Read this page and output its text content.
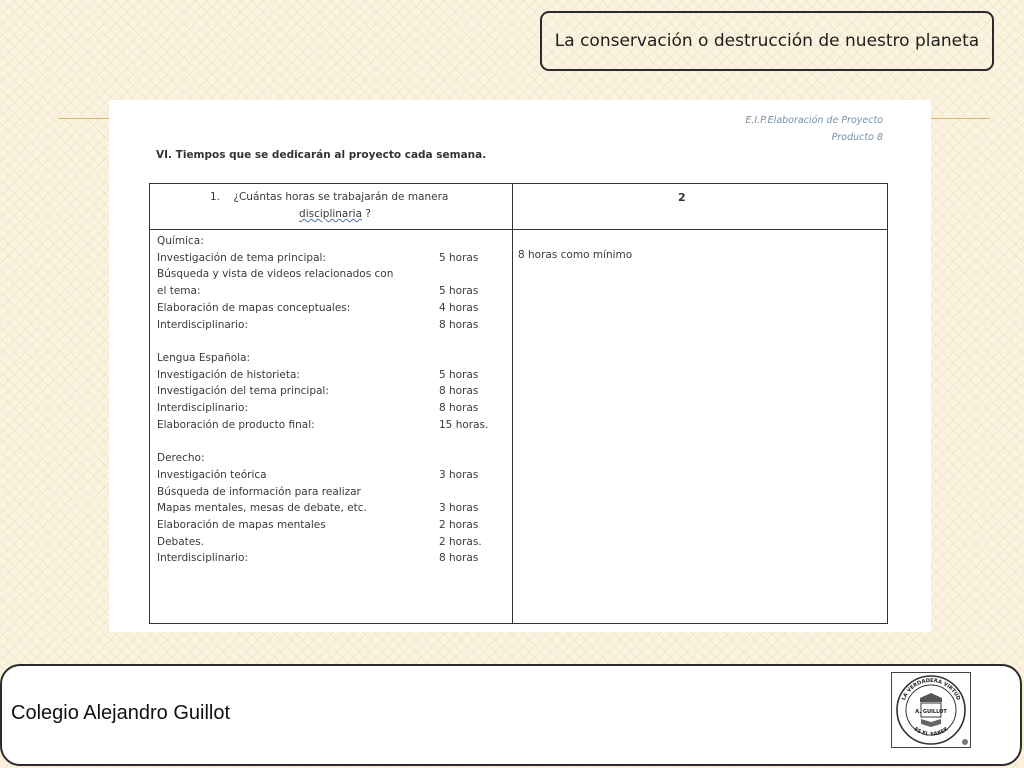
La conservación o destrucción de nuestro planeta
E.I.P.Elaboración de Proyecto
Producto 8
VI. Tiempos que se dedicarán al proyecto cada semana.
1. ¿Cuántas horas se trabajarán de manera
disciplinaria ?
2
Química:
Investigación de tema principal:	5 horas
Búsqueda y vista de videos relacionados con
el tema:	5 horas
Elaboración de mapas conceptuales:	4 horas
Interdisciplinario:	8 horas
Lengua Española:
Investigación de historieta:	5 horas
Investigación del tema principal:	8 horas
Interdisciplinario:	8 horas
Elaboración de producto final:	15 horas.
Derecho:
Investigación teórica	3 horas
Búsqueda de información para realizar
Mapas mentales, mesas de debate, etc.	3 horas
Elaboración de mapas mentales	2 horas
Debates.	2 horas.
Interdisciplinario:	8 horas
8 horas como mínimo
Colegio Alejandro Guillot
LA VERDADERA VIRTUD
ES EL SABER
A. GUILLOT
